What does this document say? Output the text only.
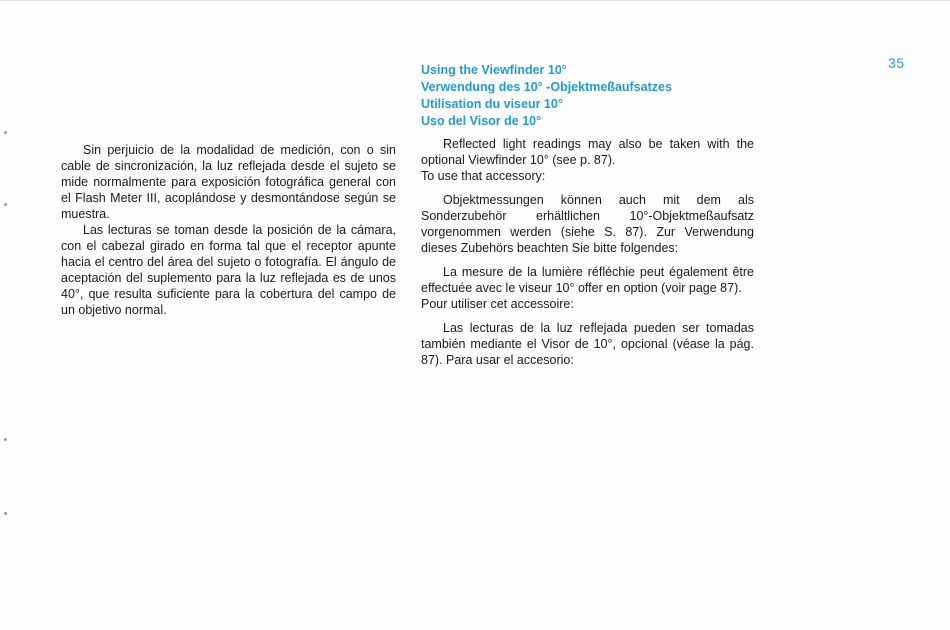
35
Using the Viewfinder 10°
Verwendung des 10° -Objektmeßaufsatzes
Utilisation du viseur 10°
Uso del Visor de 10°

Sin perjuicio de la modalidad de medición, con o sin cable de sincronización, la luz reflejada desde el sujeto se mide normalmente para exposición fotográfica general con el Flash Meter III, acoplándose y desmontándose según se muestra.

Las lecturas se toman desde la posición de la cámara, con el cabezal girado en forma tal que el receptor apunte hacia el centro del área del sujeto o fotografía. El ángulo de aceptación del suplemento para la luz reflejada es de unos 40°, que resulta suficiente para la cobertura del campo de un objetivo normal.

Reflected light readings may also be taken with the optional Viewfinder 10° (see p. 87).

To use that accessory:

Objektmessungen können auch mit dem als Sonderzubehör erhältlichen 10°-Objektmeßaufsatz vorgenommen werden (siehe S. 87). Zur Verwendung dieses Zubehörs beachten Sie bitte folgendes:

La mesure de la lumière réfléchie peut également être effectuée avec le viseur 10° offer en option (voir page 87).

Pour utiliser cet accessoire:

Las lecturas de la luz reflejada pueden ser tomadas también mediante el Visor de 10°, opcional (véase la pág. 87). Para usar el accesorio:
